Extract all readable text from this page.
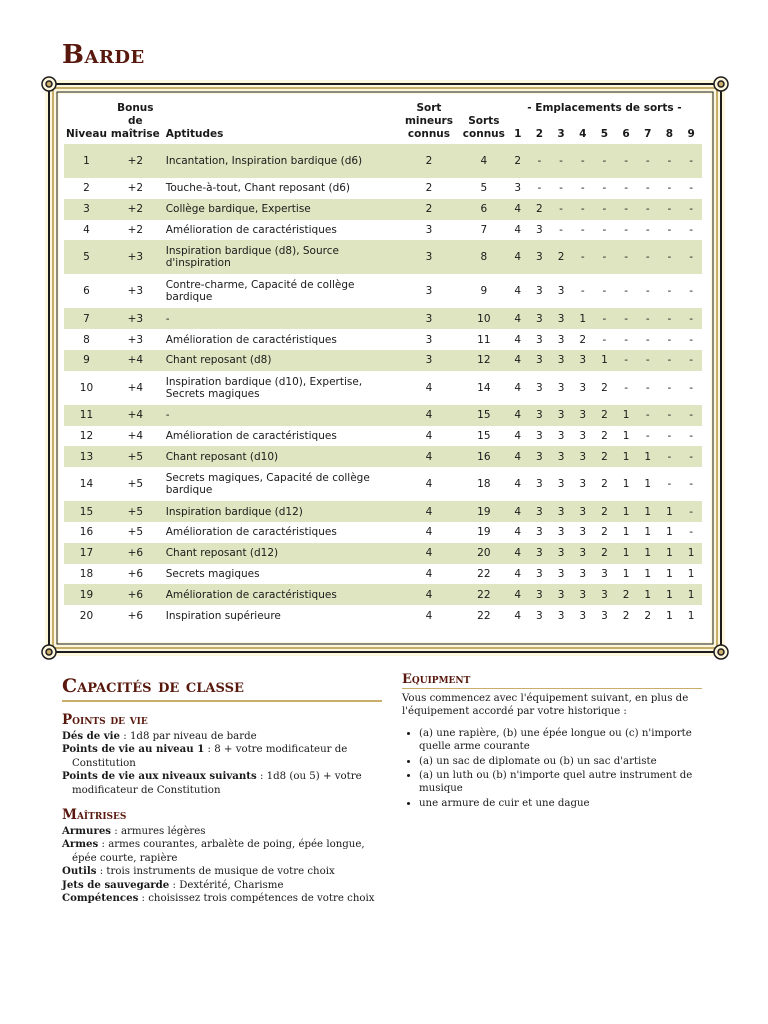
Barde
Niveau	Bonus de maîtrise	Aptitudes	Sort mineurs connus	Sorts connus	- Emplacements de sorts -								
					1	2	3	4	5	6	7	8	9
1	+2	Incantation, Inspiration bardique (d6)	2	4	2	-	-	-	-	-	-	-	-
2	+2	Touche-à-tout, Chant reposant (d6)	2	5	3	-	-	-	-	-	-	-	-
3	+2	Collège bardique, Expertise	2	6	4	2	-	-	-	-	-	-	-
4	+2	Amélioration de caractéristiques	3	7	4	3	-	-	-	-	-	-	-
5	+3	Inspiration bardique (d8), Source d'inspiration	3	8	4	3	2	-	-	-	-	-	-
6	+3	Contre-charme, Capacité de collège bardique	3	9	4	3	3	-	-	-	-	-	-
7	+3	-	3	10	4	3	3	1	-	-	-	-	-
8	+3	Amélioration de caractéristiques	3	11	4	3	3	2	-	-	-	-	-
9	+4	Chant reposant (d8)	3	12	4	3	3	3	1	-	-	-	-
10	+4	Inspiration bardique (d10), Expertise, Secrets magiques	4	14	4	3	3	3	2	-	-	-	-
11	+4	-	4	15	4	3	3	3	2	1	-	-	-
12	+4	Amélioration de caractéristiques	4	15	4	3	3	3	2	1	-	-	-
13	+5	Chant reposant (d10)	4	16	4	3	3	3	2	1	1	-	-
14	+5	Secrets magiques, Capacité de collège bardique	4	18	4	3	3	3	2	1	1	-	-
15	+5	Inspiration bardique (d12)	4	19	4	3	3	3	2	1	1	1	-
16	+5	Amélioration de caractéristiques	4	19	4	3	3	3	2	1	1	1	-
17	+6	Chant reposant (d12)	4	20	4	3	3	3	2	1	1	1	1
18	+6	Secrets magiques	4	22	4	3	3	3	3	1	1	1	1
19	+6	Amélioration de caractéristiques	4	22	4	3	3	3	3	2	1	1	1
20	+6	Inspiration supérieure	4	22	4	3	3	3	3	2	2	1	1
Capacités de classe
Points de vie
Dés de vie : 1d8 par niveau de barde
Points de vie au niveau 1 : 8 + votre modificateur de Constitution
Points de vie aux niveaux suivants : 1d8 (ou 5) + votre modificateur de Constitution
Maîtrises
Armures : armures légères
Armes : armes courantes, arbalète de poing, épée longue, épée courte, rapière
Outils : trois instruments de musique de votre choix
Jets de sauvegarde : Dextérité, Charisme
Compétences : choisissez trois compétences de votre choix
Equipment

Vous commencez avec l'équipement suivant, en plus de l'équipement accordé par votre historique :

• (a) une rapière, (b) une épée longue ou (c) n'importe quelle arme courante
• (a) un sac de diplomate ou (b) un sac d'artiste
• (a) un luth ou (b) n'importe quel autre instrument de musique
• une armure de cuir et une dague
